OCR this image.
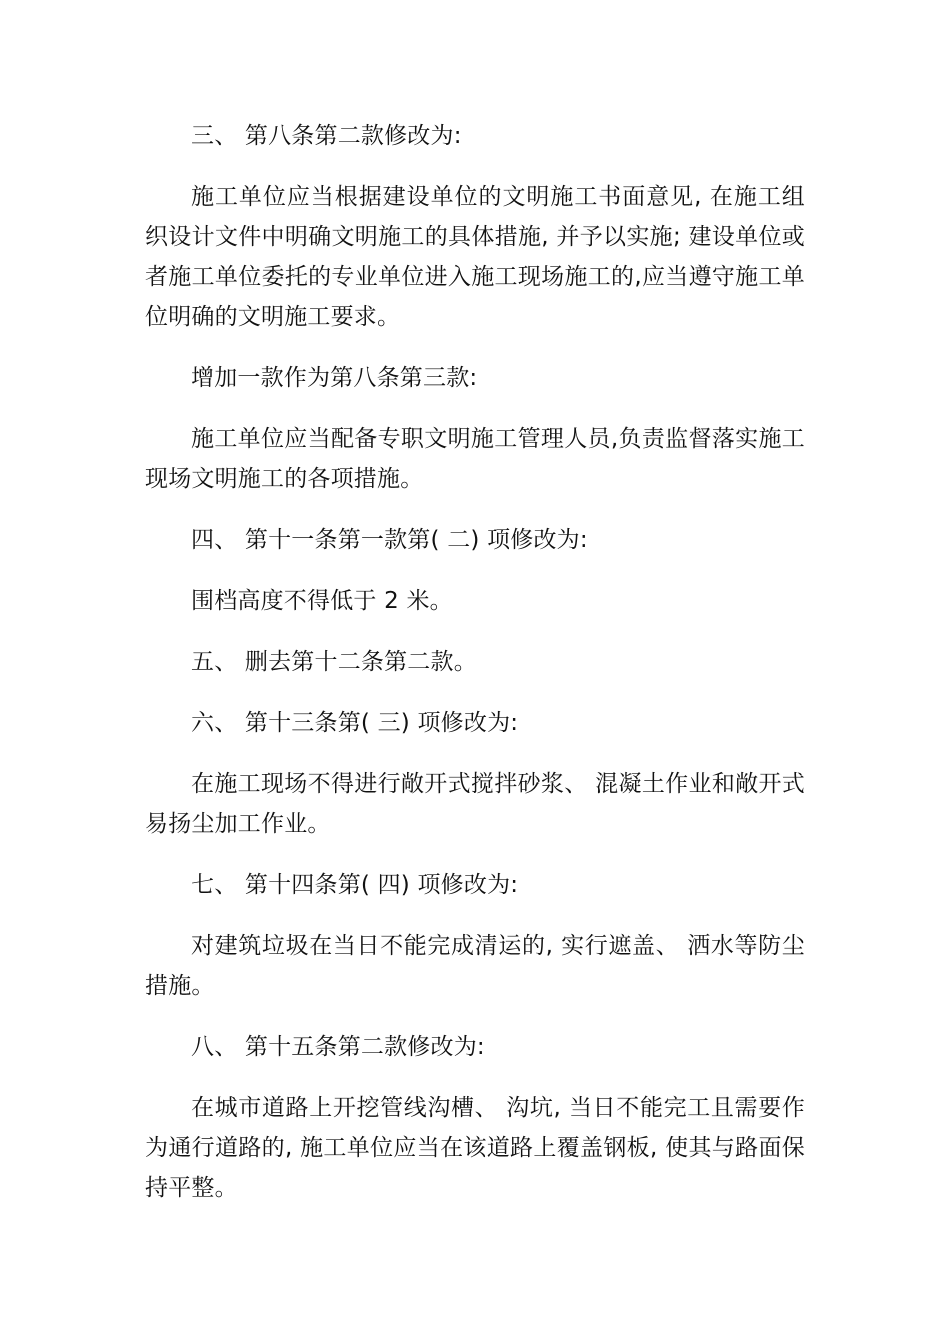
三、 第八条第二款修改为:

施工单位应当根据建设单位的文明施工书面意见, 在施工组织设计文件中明确文明施工的具体措施, 并予以实施; 建设单位或者施工单位委托的专业单位进入施工现场施工的,应当遵守施工单位明确的文明施工要求。

增加一款作为第八条第三款:

施工单位应当配备专职文明施工管理人员,负责监督落实施工现场文明施工的各项措施。

四、 第十一条第一款第( 二) 项修改为:

围档高度不得低于 2 米。

五、 删去第十二条第二款。

六、 第十三条第( 三) 项修改为:

在施工现场不得进行敞开式搅拌砂浆、 混凝土作业和敞开式易扬尘加工作业。

七、 第十四条第( 四) 项修改为:

对建筑垃圾在当日不能完成清运的, 实行遮盖、 洒水等防尘措施。

八、 第十五条第二款修改为:

在城市道路上开挖管线沟槽、 沟坑, 当日不能完工且需要作为通行道路的, 施工单位应当在该道路上覆盖钢板, 使其与路面保持平整。
